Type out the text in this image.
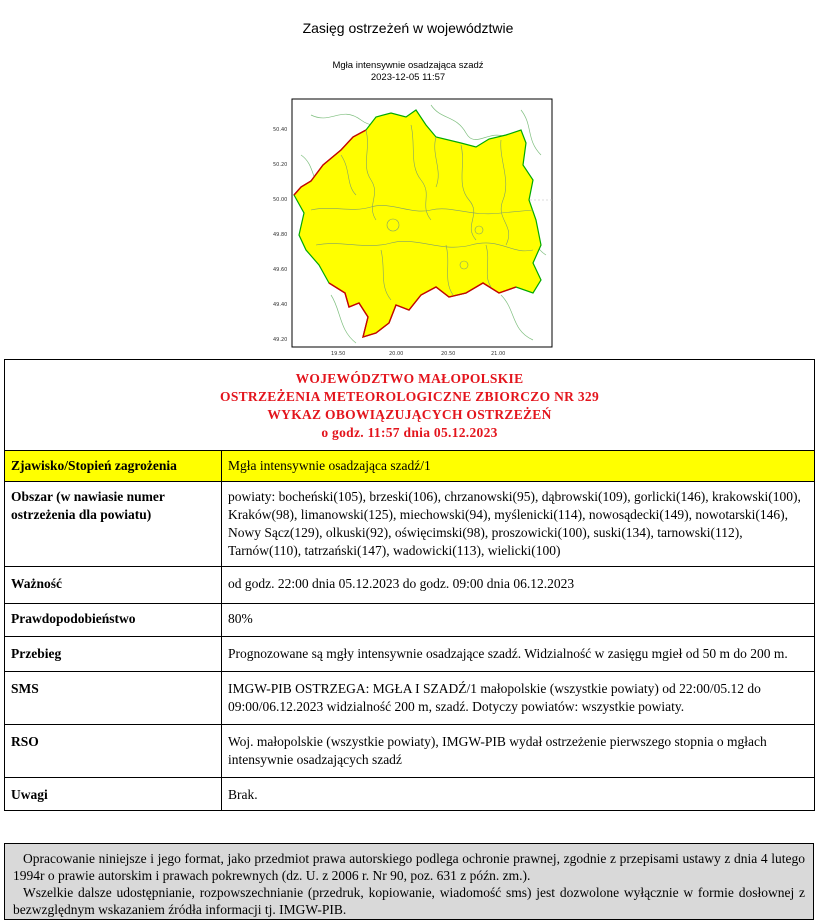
Zasięg ostrzeżeń w województwie
Mgła intensywnie osadzająca szadź
2023-12-05 11:57
50.40
50.20
50.00
49.80
49.60
49.40
49.20
19.50	20.00	20.50	21.00
WOJEWÓDZTWO MAŁOPOLSKIE
OSTRZEŻENIA METEOROLOGICZNE ZBIORCZO NR 329
WYKAZ OBOWIĄZUJĄCYCH OSTRZEŻEŃ
o godz. 11:57 dnia 05.12.2023	

Zjawisko/Stopień zagrożenia	Mgła intensywnie osadzająca szadź/1
Obszar (w nawiasie numer ostrzeżenia dla powiatu)	powiaty: bocheński(105), brzeski(106), chrzanowski(95), dąbrowski(109), gorlicki(146), krakowski(100), Kraków(98), limanowski(125), miechowski(94), myślenicki(114), nowosądecki(149), nowotarski(146), Nowy Sącz(129), olkuski(92), oświęcimski(98), proszowicki(100), suski(134), tarnowski(112), Tarnów(110), tatrzański(147), wadowicki(113), wielicki(100)
Ważność	od godz. 22:00 dnia 05.12.2023 do godz. 09:00 dnia 06.12.2023
Prawdopodobieństwo	80%
Przebieg	Prognozowane są mgły intensywnie osadzające szadź. Widzialność w zasięgu mgieł od 50 m do 200 m.
SMS	IMGW-PIB OSTRZEGA: MGŁA I SZADŹ/1 małopolskie (wszystkie powiaty) od 22:00/05.12 do 09:00/06.12.2023 widzialność 200 m, szadź. Dotyczy powiatów: wszystkie powiaty.
RSO	Woj. małopolskie (wszystkie powiaty), IMGW-PIB wydał ostrzeżenie pierwszego stopnia o mgłach intensywnie osadzających szadź
Uwagi	Brak.

Opracowanie niniejsze i jego format, jako przedmiot prawa autorskiego podlega ochronie prawnej, zgodnie z przepisami ustawy z dnia 4 lutego 1994r o prawie autorskim i prawach pokrewnych (dz. U. z 2006 r. Nr 90, poz. 631 z późn. zm.).

Wszelkie dalsze udostępnianie, rozpowszechnianie (przedruk, kopiowanie, wiadomość sms) jest dozwolone wyłącznie w formie dosłownej z bezwzględnym wskazaniem źródła informacji tj. IMGW-PIB.
